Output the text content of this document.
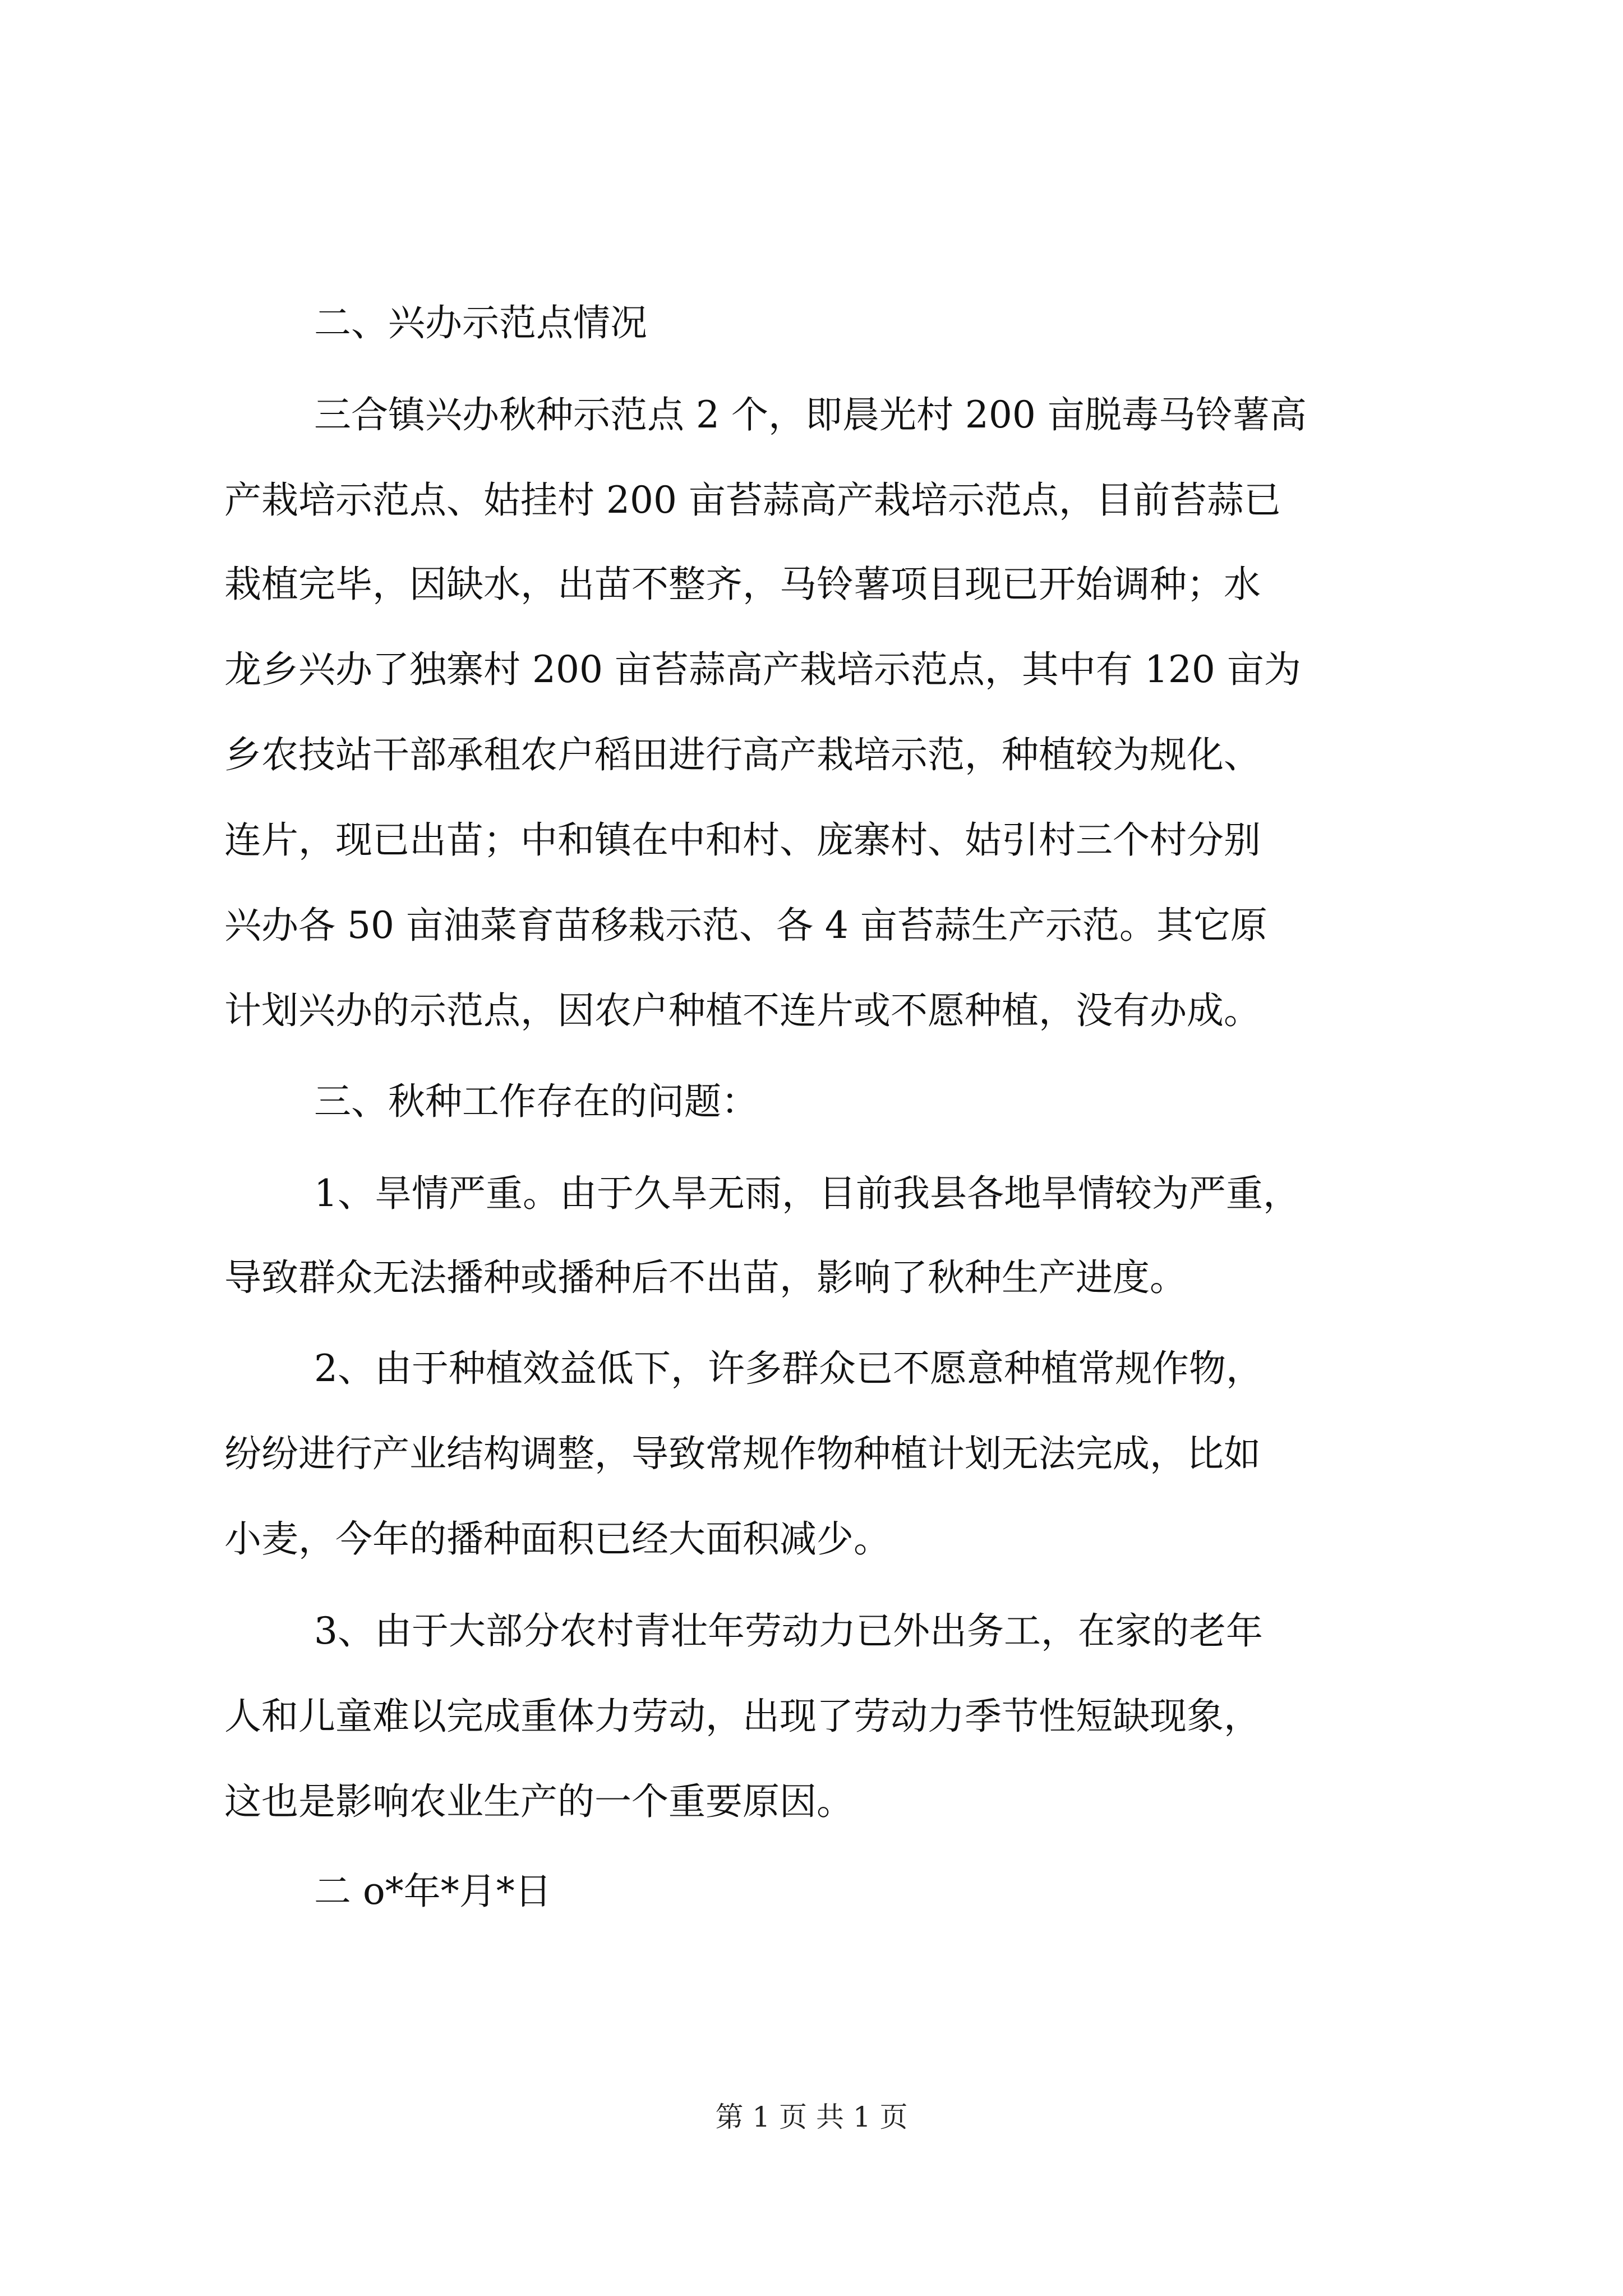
二、兴办示范点情况
三合镇兴办秋种示范点 2 个，即晨光村 200 亩脱毒马铃薯高
产栽培示范点、姑挂村 200 亩苔蒜高产栽培示范点，目前苔蒜已
栽植完毕，因缺水，出苗不整齐，马铃薯项目现已开始调种；水
龙乡兴办了独寨村 200 亩苔蒜高产栽培示范点，其中有 120 亩为
乡农技站干部承租农户稻田进行高产栽培示范，种植较为规化、
连片，现已出苗；中和镇在中和村、庞寨村、姑引村三个村分别
兴办各 50 亩油菜育苗移栽示范、各 4 亩苔蒜生产示范。其它原
计划兴办的示范点，因农户种植不连片或不愿种植，没有办成。
三、秋种工作存在的问题：
1、旱情严重。由于久旱无雨，目前我县各地旱情较为严重，
导致群众无法播种或播种后不出苗，影响了秋种生产进度。
2、由于种植效益低下，许多群众已不愿意种植常规作物，
纷纷进行产业结构调整，导致常规作物种植计划无法完成，比如
小麦，今年的播种面积已经大面积减少。
3、由于大部分农村青壮年劳动力已外出务工，在家的老年
人和儿童难以完成重体力劳动，出现了劳动力季节性短缺现象，
这也是影响农业生产的一个重要原因。
二 o*年*月*日
第 1 页 共 1 页
